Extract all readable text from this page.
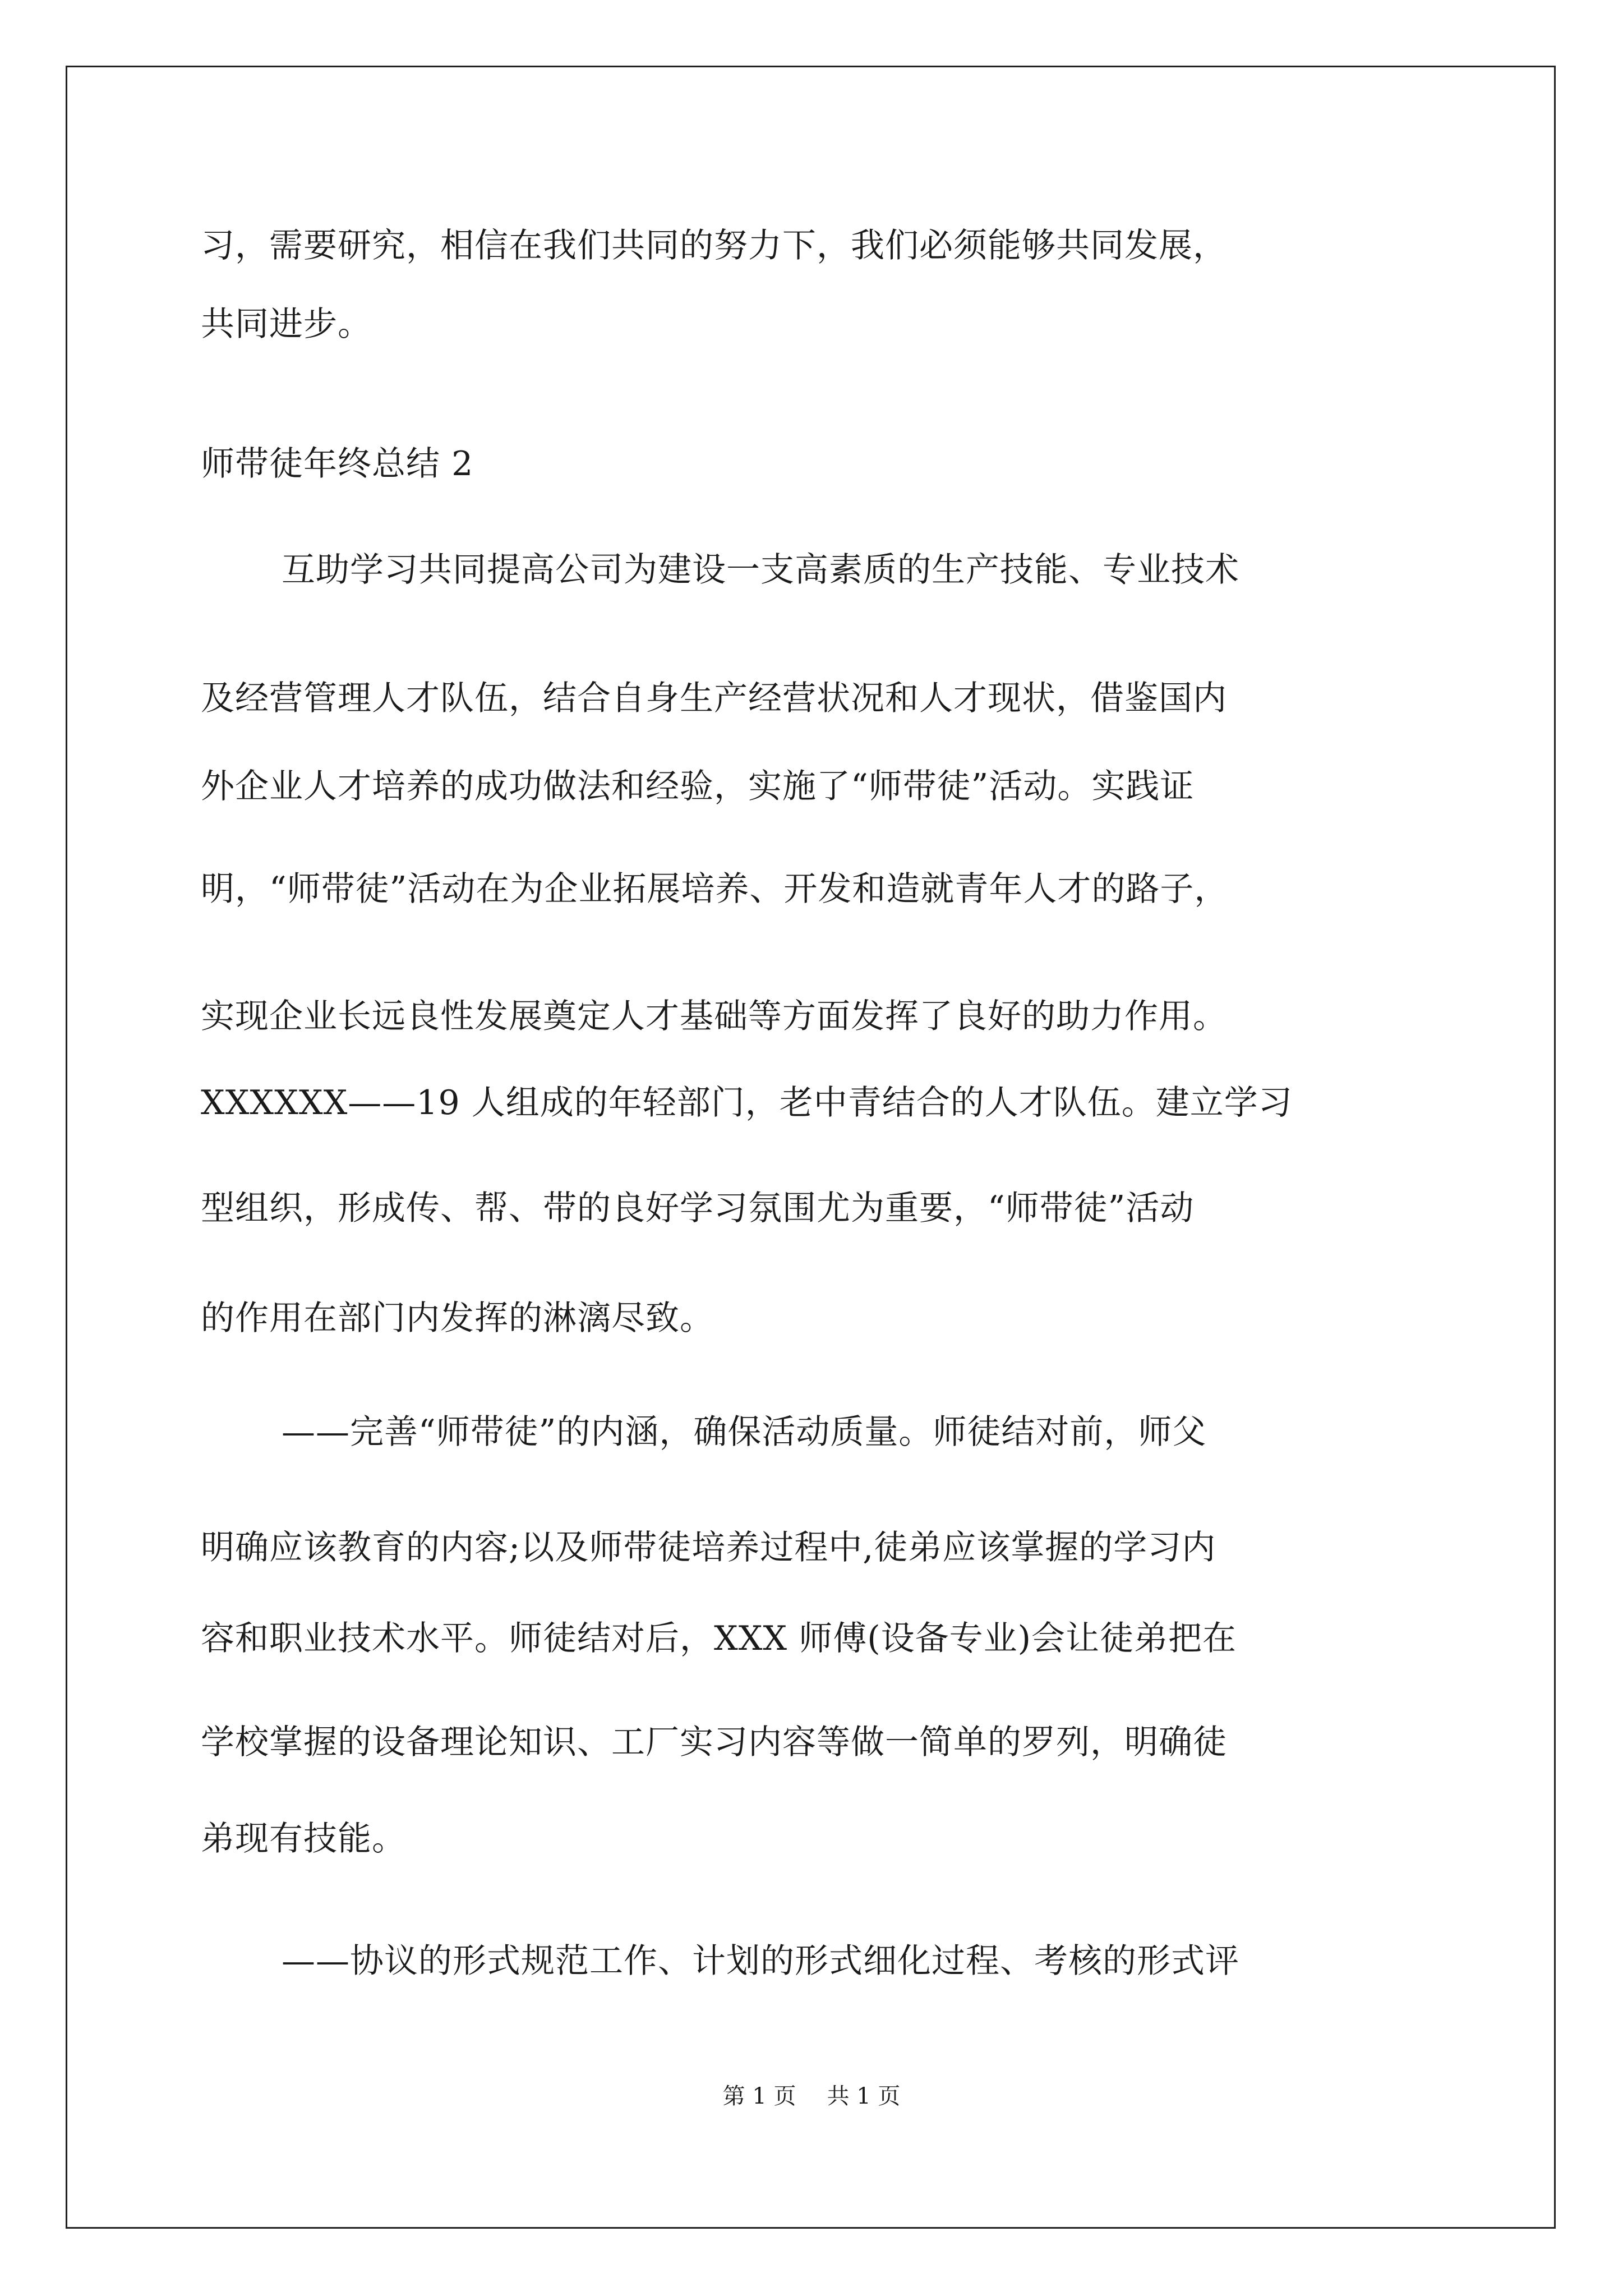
习，需要研究，相信在我们共同的努力下，我们必须能够共同发展，
共同进步。
师带徒年终总结 2
互助学习共同提高公司为建设一支高素质的生产技能、专业技术
及经营管理人才队伍，结合自身生产经营状况和人才现状，借鉴国内
外企业人才培养的成功做法和经验，实施了“师带徒”活动。实践证
明，“师带徒”活动在为企业拓展培养、开发和造就青年人才的路子，
实现企业长远良性发展奠定人才基础等方面发挥了良好的助力作用。
XXXXXX——19 人组成的年轻部门，老中青结合的人才队伍。建立学习
型组织，形成传、帮、带的良好学习氛围尤为重要，“师带徒”活动
的作用在部门内发挥的淋漓尽致。
——完善“师带徒”的内涵，确保活动质量。师徒结对前，师父
明确应该教育的内容;以及师带徒培养过程中,徒弟应该掌握的学习内
容和职业技术水平。师徒结对后，XXX 师傅(设备专业)会让徒弟把在
学校掌握的设备理论知识、工厂实习内容等做一简单的罗列，明确徒
弟现有技能。
——协议的形式规范工作、计划的形式细化过程、考核的形式评
第 1 页 共 1 页
